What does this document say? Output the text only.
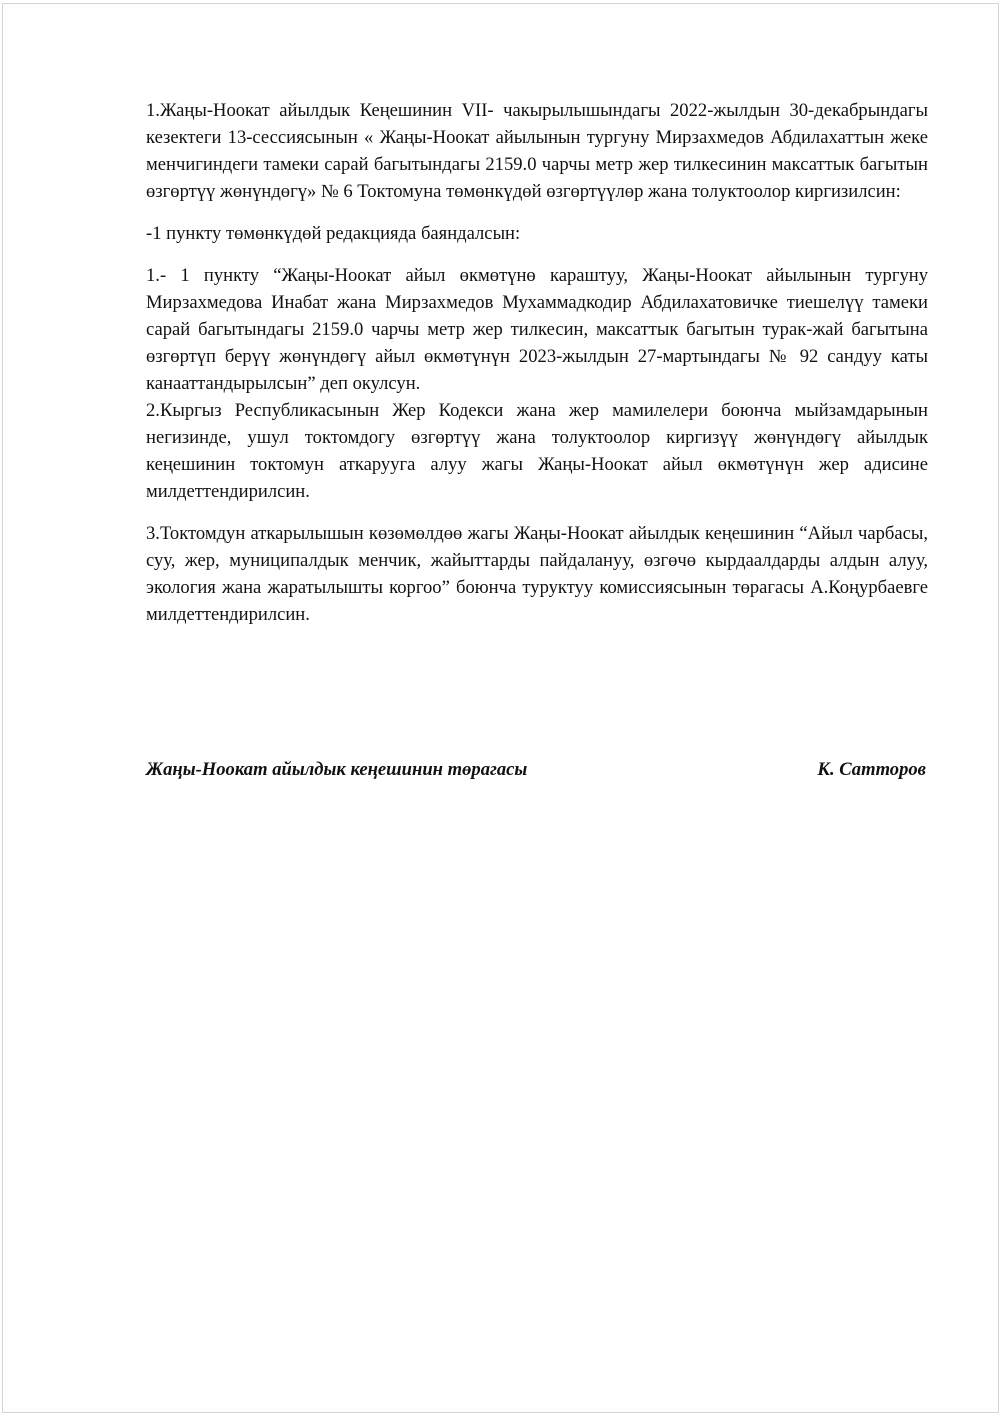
1.Жаңы-Ноокат айылдык Кеңешинин VII- чакырылышындагы 2022-жылдын 30-декабрындагы кезектеги 13-сессиясынын « Жаңы-Ноокат айылынын тургуну Мирзахмедов Абдилахаттын жеке менчигиндеги тамеки сарай багытындагы 2159.0 чарчы метр жер тилкесинин максаттык багытын өзгөртүү жөнүндөгү» № 6 Токтомуна төмөнкүдөй өзгөртүүлөр жана толуктоолор киргизилсин:

-1 пункту төмөнкүдөй редакцияда баяндалсын:

1.- 1 пункту “Жаңы-Ноокат айыл өкмөтүнө караштуу, Жаңы-Ноокат айылынын тургуну Мирзахмедова Инабат жана Мирзахмедов Мухаммадкодир Абдилахатовичке тиешелүү тамеки сарай багытындагы 2159.0 чарчы метр жер тилкесин, максаттык багытын турак-жай багытына өзгөртүп берүү жөнүндөгү айыл өкмөтүнүн 2023-жылдын 27-мартындагы № 92 сандуу каты канааттандырылсын” деп окулсун.

2.Кыргыз Республикасынын Жер Кодекси жана жер мамилелери боюнча мыйзамдарынын негизинде, ушул токтомдогу өзгөртүү жана толуктоолор киргизүү жөнүндөгү айылдык кеңешинин токтомун аткарууга алуу жагы Жаңы-Ноокат айыл өкмөтүнүн жер адисине милдеттендирилсин.

3.Токтомдун аткарылышын көзөмөлдөө жагы Жаңы-Ноокат айылдык кеңешинин “Айыл чарбасы, суу, жер, муниципалдык менчик, жайыттарды пайдалануу, өзгөчө кырдаалдарды алдын алуу, экология жана жаратылышты коргоо” боюнча туруктуу комиссиясынын төрагасы А.Коңурбаевге милдеттендирилсин.

Жаңы-Ноокат айылдык кеңешинин төрагасы	К. Сатторов
